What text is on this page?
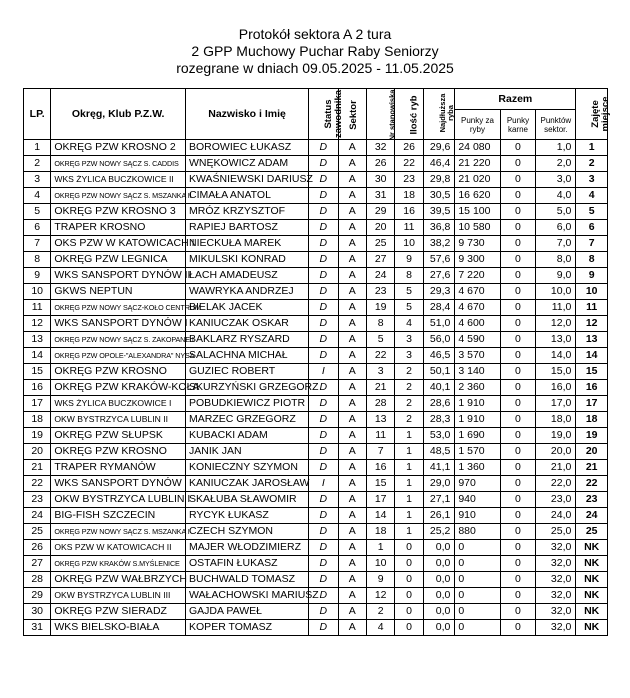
Protokół sektora A 2 tura
2 GPP Muchowy Puchar Raby Seniorzy
rozegrane w dniach 09.05.2025 - 11.05.2025
LP.	Okręg, Klub P.Z.W.	Nazwisko i Imię	Status zawodnika	Sektor	Nr stanowiska	Ilość ryb	Najdłuższa ryba	Razem			Zajęte miejsce
								Punky za ryby	Punky karne	Punktów sektor.	
1	OKRĘG PZW KROSNO 2	BOROWIEC ŁUKASZ	D	A	32	26	29,6	24 080	0	1,0	1
2	OKRĘG PZW NOWY SĄCZ S. CADDIS	WNĘKOWICZ ADAM	D	A	26	22	46,4	21 220	0	2,0	2
3	WKS ŻYLICA BUCZKOWICE II	KWAŚNIEWSKI DARIUSZ	D	A	30	23	29,8	21 020	0	3,0	3
4	OKRĘG PZW NOWY SĄCZ S. MSZANKA II	CIMAŁA ANATOL	D	A	31	18	30,5	16 620	0	4,0	4
5	OKRĘG PZW KROSNO 3	MRÓZ KRZYSZTOF	D	A	29	16	39,5	15 100	0	5,0	5
6	TRAPER KROSNO	RAPIEJ BARTOSZ	D	A	20	11	36,8	10 580	0	6,0	6
7	OKS PZW W KATOWICACH I	NIECKUŁA MAREK	D	A	25	10	38,2	9 730	0	7,0	7
8	OKRĘG PZW LEGNICA	MIKULSKI KONRAD	D	A	27	9	57,6	9 300	0	8,0	8
9	WKS SANSPORT DYNÓW II	ŁACH AMADEUSZ	D	A	24	8	27,6	7 220	0	9,0	9
10	GKWS NEPTUN	WAWRYKA ANDRZEJ	D	A	23	5	29,3	4 670	0	10,0	10
11	OKRĘG PZW NOWY SĄCZ-KOŁO CENTRUM	BIELAK JACEK	D	A	19	5	28,4	4 670	0	11,0	11
12	WKS SANSPORT DYNÓW I	KANIUCZAK OSKAR	D	A	8	4	51,0	4 600	0	12,0	12
13	OKRĘG PZW NOWY SĄCZ S. ZAKOPANE I	BAKLARZ RYSZARD	D	A	5	3	56,0	4 590	0	13,0	13
14	OKRĘG PZW OPOLE-"ALEXANDRA" NYSA	SALACHNA MICHAŁ	D	A	22	3	46,5	3 570	0	14,0	14
15	OKRĘG PZW KROSNO	GUZIEC ROBERT	I	A	3	2	50,1	3 140	0	15,0	15
16	OKRĘG PZW KRAKÓW-KOŁA	SKURZYŃSKI GRZEGORZ	D	A	21	2	40,1	2 360	0	16,0	16
17	WKS ŻYLICA BUCZKOWICE I	POBUDKIEWICZ PIOTR	D	A	28	2	28,6	1 910	0	17,0	17
18	OKW BYSTRZYCA LUBLIN II	MARZEC GRZEGORZ	D	A	13	2	28,3	1 910	0	18,0	18
19	OKRĘG PZW SŁUPSK	KUBACKI ADAM	D	A	11	1	53,0	1 690	0	19,0	19
20	OKRĘG PZW KROSNO	JANIK JAN	D	A	7	1	48,5	1 570	0	20,0	20
21	TRAPER RYMANÓW	KONIECZNY SZYMON	D	A	16	1	41,1	1 360	0	21,0	21
22	WKS SANSPORT DYNÓW	KANIUCZAK JAROSŁAW	I	A	15	1	29,0	970	0	22,0	22
23	OKW BYSTRZYCA LUBLIN I	SKAŁUBA SŁAWOMIR	D	A	17	1	27,1	940	0	23,0	23
24	BIG-FISH SZCZECIN	RYCYK ŁUKASZ	D	A	14	1	26,1	910	0	24,0	24
25	OKRĘG PZW NOWY SĄCZ S. MSZANKA I	CZECH SZYMON	D	A	18	1	25,2	880	0	25,0	25
26	OKS PZW W KATOWICACH II	MAJER WŁODZIMIERZ	D	A	1	0	0,0	0	0	32,0	NK
27	OKRĘG PZW KRAKÓW S.MYŚLENICE	OSTAFIN ŁUKASZ	D	A	10	0	0,0	0	0	32,0	NK
28	OKRĘG PZW WAŁBRZYCH	BUCHWALD TOMASZ	D	A	9	0	0,0	0	0	32,0	NK
29	OKW BYSTRZYCA LUBLIN III	WAŁACHOWSKI MARIUSZ	D	A	12	0	0,0	0	0	32,0	NK
30	OKRĘG PZW SIERADZ	GAJDA PAWEŁ	D	A	2	0	0,0	0	0	32,0	NK
31	WKS BIELSKO-BIAŁA	KOPER TOMASZ	D	A	4	0	0,0	0	0	32,0	NK
